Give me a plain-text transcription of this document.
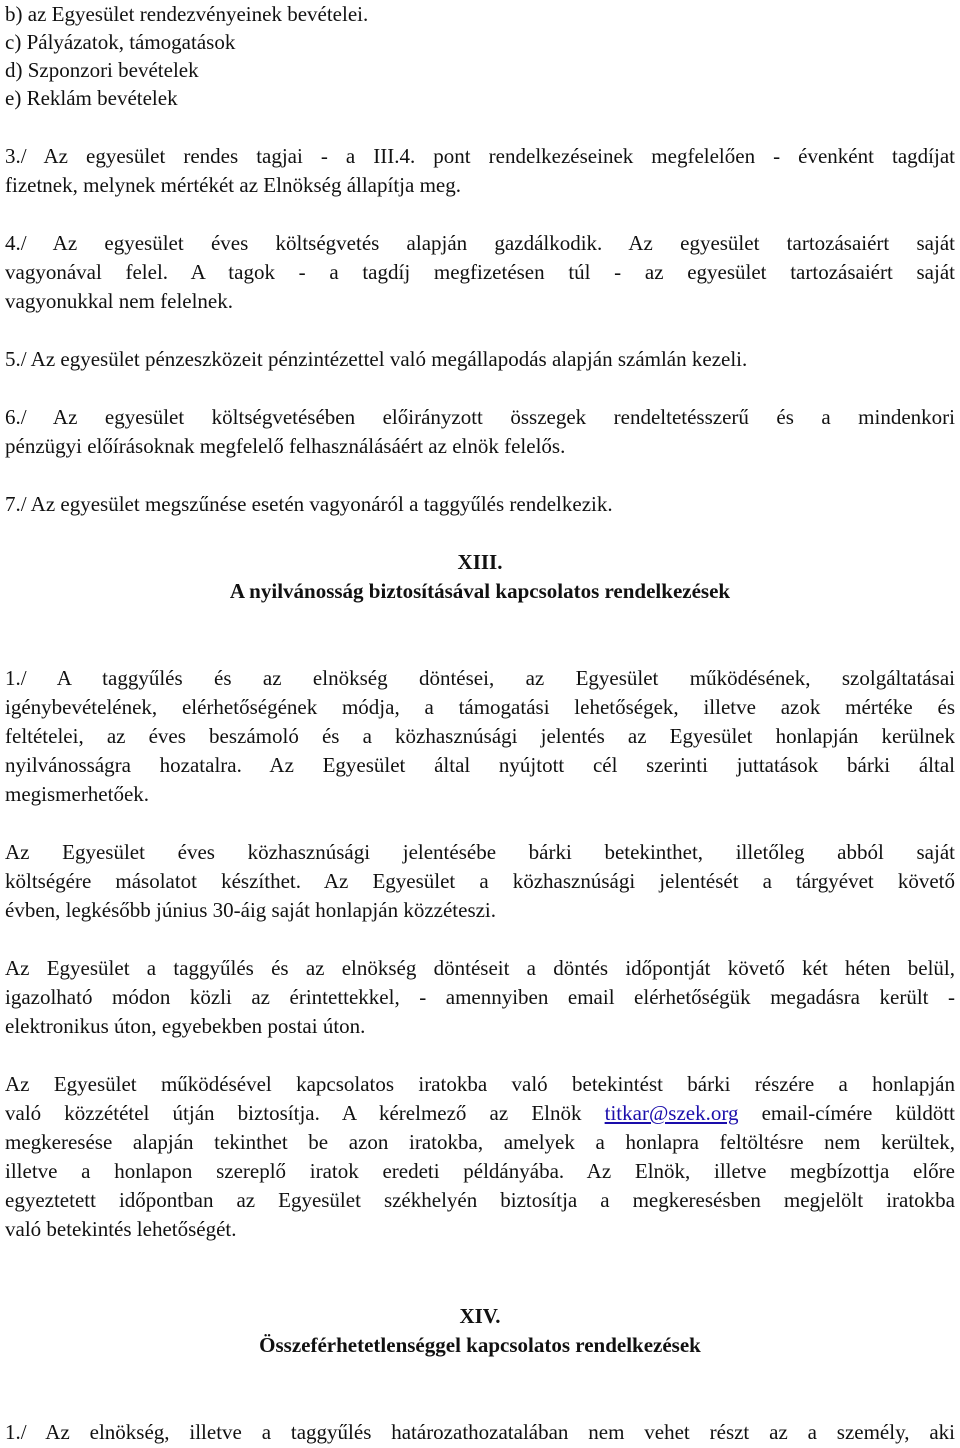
b) az Egyesület rendezvényeinek bevételei.
c) Pályázatok, támogatások
d) Szponzori bevételek
e) Reklám bevételek
3./ Az egyesület rendes tagjai - a III.4. pont rendelkezéseinek megfelelően - évenként tagdíjat
fizetnek, melynek mértékét az Elnökség állapítja meg.
4./ Az egyesület éves költségvetés alapján gazdálkodik. Az egyesület tartozásaiért saját
vagyonával felel. A tagok - a tagdíj megfizetésen túl - az egyesület tartozásaiért saját
vagyonukkal nem felelnek.
5./ Az egyesület pénzeszközeit pénzintézettel való megállapodás alapján számlán kezeli.
6./ Az egyesület költségvetésében előirányzott összegek rendeltetésszerű és a mindenkori
pénzügyi előírásoknak megfelelő felhasználásáért az elnök felelős.
7./ Az egyesület megszűnése esetén vagyonáról a taggyűlés rendelkezik.
XIII.
A nyilvánosság biztosításával kapcsolatos rendelkezések
1./ A taggyűlés és az elnökség döntései, az Egyesület működésének, szolgáltatásai
igénybevételének, elérhetőségének módja, a támogatási lehetőségek, illetve azok mértéke és
feltételei, az éves beszámoló és a közhasznúsági jelentés az Egyesület honlapján kerülnek
nyilvánosságra hozatalra. Az Egyesület által nyújtott cél szerinti juttatások bárki által
megismerhetőek.
Az Egyesület éves közhasznúsági jelentésébe bárki betekinthet, illetőleg abból saját
költségére másolatot készíthet. Az Egyesület a közhasznúsági jelentését a tárgyévet követő
évben, legkésőbb június 30-áig saját honlapján közzéteszi.
Az Egyesület a taggyűlés és az elnökség döntéseit a döntés időpontját követő két héten belül,
igazolható módon közli az érintettekkel, - amennyiben email elérhetőségük megadásra került -
elektronikus úton, egyebekben postai úton.
Az Egyesület működésével kapcsolatos iratokba való betekintést bárki részére a honlapján
való közzététel útján biztosítja. A kérelmező az Elnök titkar@szek.org email-címére küldött
megkeresése alapján tekinthet be azon iratokba, amelyek a honlapra feltöltésre nem kerültek,
illetve a honlapon szereplő iratok eredeti példányába. Az Elnök, illetve megbízottja előre
egyeztetett időpontban az Egyesület székhelyén biztosítja a megkeresésben megjelölt iratokba
való betekintés lehetőségét.
XIV.
Összeférhetetlenséggel kapcsolatos rendelkezések
1./ Az elnökség, illetve a taggyűlés határozathozatalában nem vehet részt az a személy, aki
